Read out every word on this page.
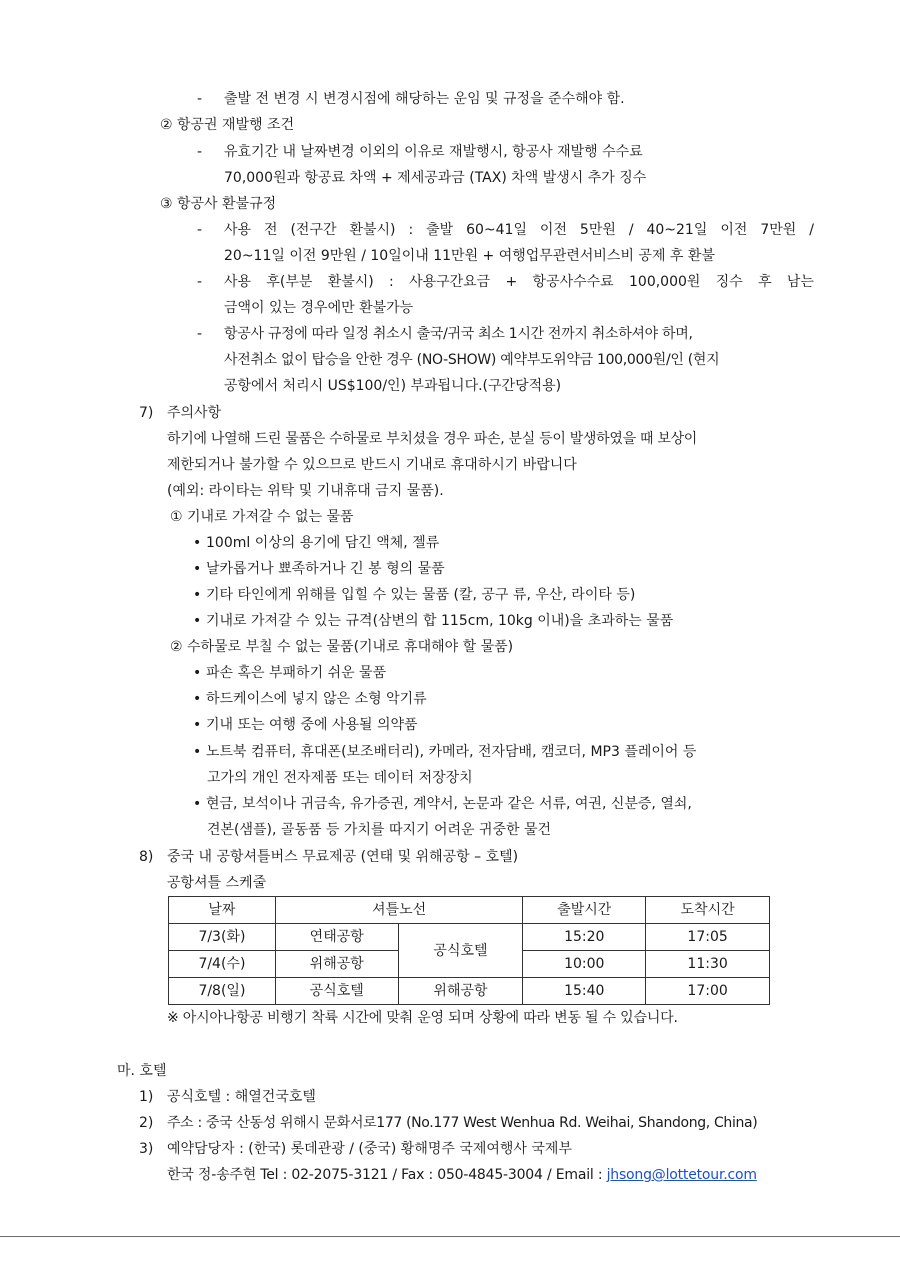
- 출발 전 변경 시 변경시점에 해당하는 운임 및 규정을 준수해야 함.
② 항공권 재발행 조건
- 유효기간 내 날짜변경 이외의 이유로 재발행시, 항공사 재발행 수수료
70,000원과 항공료 차액 + 제세공과금 (TAX) 차액 발생시 추가 징수
③ 항공사 환불규정
- 사용 전 (전구간 환불시) : 출발 60~41일 이전 5만원 / 40~21일 이전 7만원 /
20~11일 이전 9만원 / 10일이내 11만원 + 여행업무관련서비스비 공제 후 환불
- 사용 후(부분 환불시) : 사용구간요금 + 항공사수수료 100,000원 징수 후 남는
금액이 있는 경우에만 환불가능
- 항공사 규정에 따라 일정 취소시 출국/귀국 최소 1시간 전까지 취소하셔야 하며,
사전취소 없이 탑승을 안한 경우 (NO-SHOW) 예약부도위약금 100,000원/인 (현지
공항에서 처리시 US$100/인) 부과됩니다.(구간당적용)
7) 주의사항
하기에 나열해 드린 물품은 수하물로 부치셨을 경우 파손, 분실 등이 발생하였을 때 보상이
제한되거나 불가할 수 있으므로 반드시 기내로 휴대하시기 바랍니다
(예외: 라이타는 위탁 및 기내휴대 금지 물품).
① 기내로 가져갈 수 없는 물품
• 100ml 이상의 용기에 담긴 액체, 젤류
• 날카롭거나 뾰족하거나 긴 봉 형의 물품
• 기타 타인에게 위해를 입힐 수 있는 물품 (칼, 공구 류, 우산, 라이타 등)
• 기내로 가져갈 수 있는 규격(삼변의 합 115cm, 10kg 이내)을 초과하는 물품
② 수하물로 부칠 수 없는 물품(기내로 휴대해야 할 물품)
• 파손 혹은 부패하기 쉬운 물품
• 하드케이스에 넣지 않은 소형 악기류
• 기내 또는 여행 중에 사용될 의약품
• 노트북 컴퓨터, 휴대폰(보조배터리), 카메라, 전자담배, 캠코더, MP3 플레이어 등
고가의 개인 전자제품 또는 데이터 저장장치
• 현금, 보석이나 귀금속, 유가증권, 계약서, 논문과 같은 서류, 여권, 신분증, 열쇠,
견본(샘플), 골동품 등 가치를 따지기 어려운 귀중한 물건
8) 중국 내 공항셔틀버스 무료제공 (연태 및 위해공항 – 호텔)
공항셔틀 스케줄
날짜	셔틀노선		출발시간	도착시간
7/3(화)	연태공항	공식호텔	15:20	17:05
7/4(수)	위해공항		10:00	11:30
7/8(일)	공식호텔	위해공항	15:40	17:00
※ 아시아나항공 비행기 착륙 시간에 맞춰 운영 되며 상황에 따라 변동 될 수 있습니다.
마. 호텔
1) 공식호텔 : 해열건국호텔
2) 주소 : 중국 산동성 위해시 문화서로177 (No.177 West Wenhua Rd. Weihai, Shandong, China)
3) 예약담당자 : (한국) 롯데관광 / (중국) 황해명주 국제여행사 국제부
한국 정-송주현 Tel : 02-2075-3121 / Fax : 050-4845-3004 / Email : jhsong@lottetour.com
